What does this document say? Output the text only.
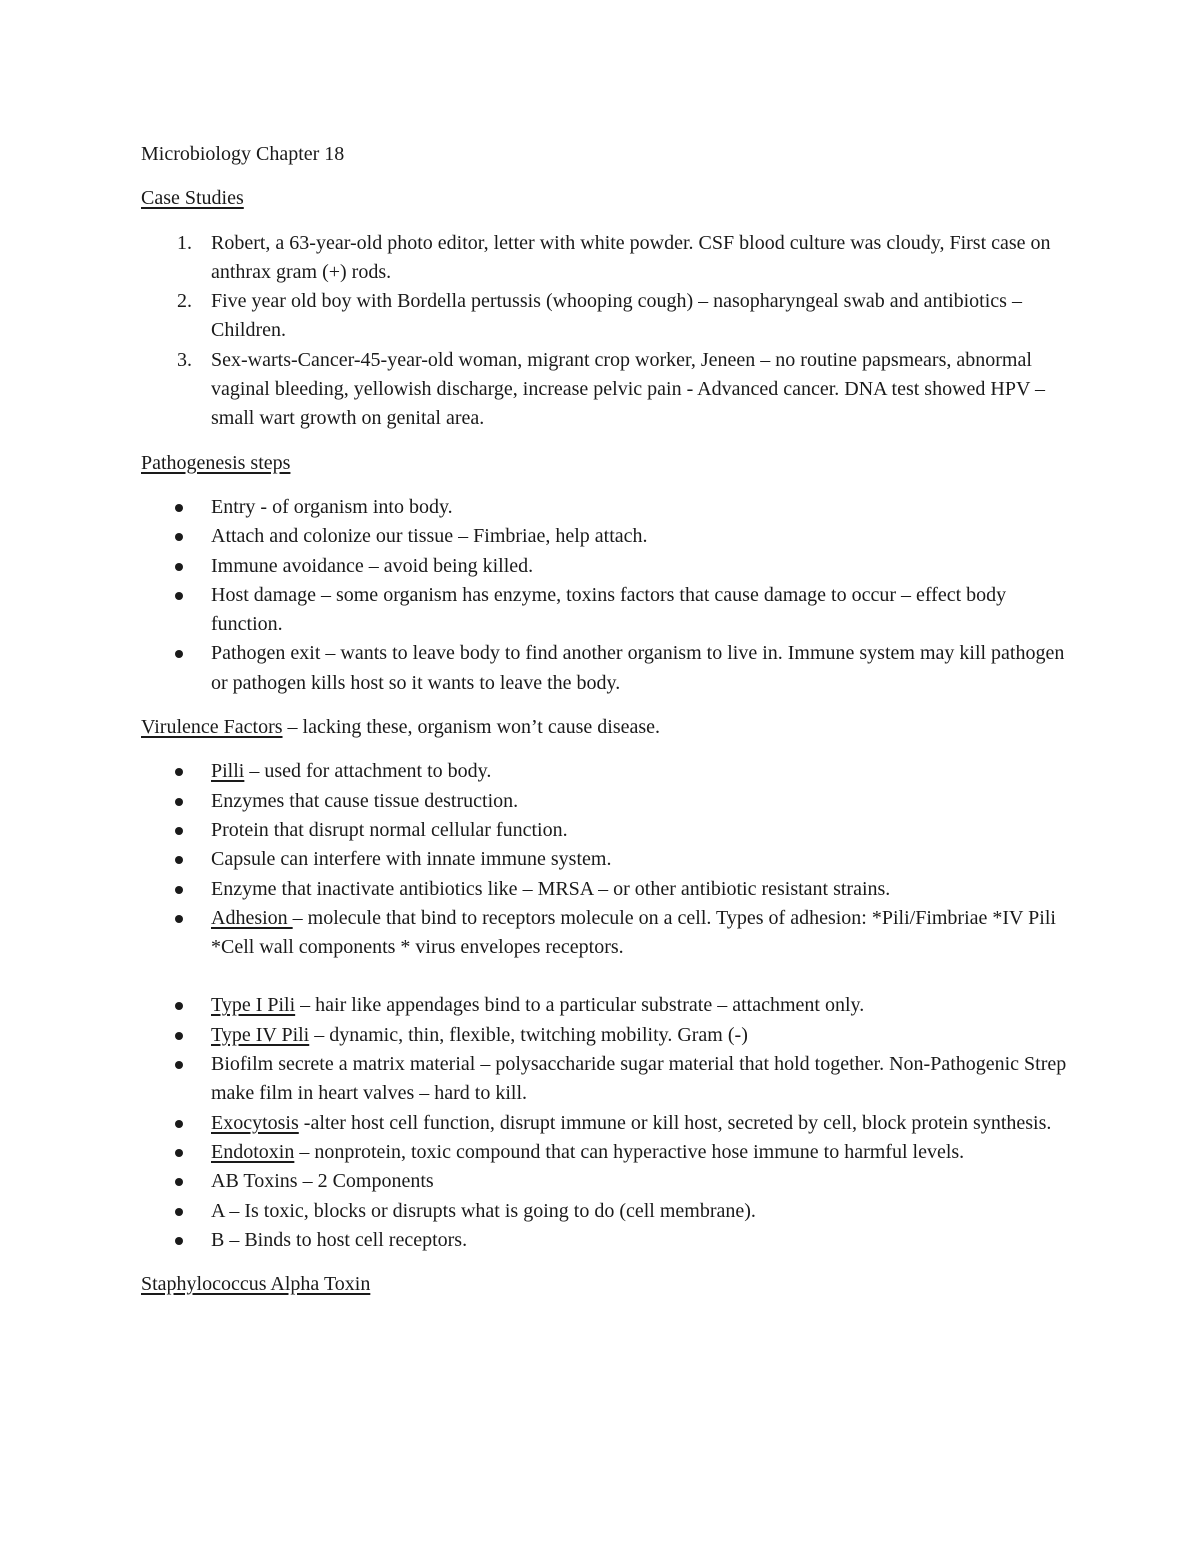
Microbiology Chapter 18

Case Studies

1. Robert, a 63-year-old photo editor, letter with white powder. CSF blood culture was cloudy, First case on anthrax gram (+) rods.
2. Five year old boy with Bordella pertussis (whooping cough) – nasopharyngeal swab and antibiotics – Children.
3. Sex-warts-Cancer-45-year-old woman, migrant crop worker, Jeneen – no routine papsmears, abnormal vaginal bleeding, yellowish discharge, increase pelvic pain - Advanced cancer. DNA test showed HPV – small wart growth on genital area.

Pathogenesis steps

Entry - of organism into body.
Attach and colonize our tissue – Fimbriae, help attach.
Immune avoidance – avoid being killed.
Host damage – some organism has enzyme, toxins factors that cause damage to occur – effect body function.
Pathogen exit – wants to leave body to find another organism to live in. Immune system may kill pathogen or pathogen kills host so it wants to leave the body.

Virulence Factors – lacking these, organism won’t cause disease.

Pilli – used for attachment to body.
Enzymes that cause tissue destruction.
Protein that disrupt normal cellular function.
Capsule can interfere with innate immune system.
Enzyme that inactivate antibiotics like – MRSA – or other antibiotic resistant strains.
Adhesion – molecule that bind to receptors molecule on a cell. Types of adhesion: *Pili/Fimbriae *IV Pili *Cell wall components * virus envelopes receptors.
Type I Pili – hair like appendages bind to a particular substrate – attachment only.
Type IV Pili – dynamic, thin, flexible, twitching mobility. Gram (-)
Biofilm secrete a matrix material – polysaccharide sugar material that hold together. Non-Pathogenic Strep make film in heart valves – hard to kill.
Exocytosis -alter host cell function, disrupt immune or kill host, secreted by cell, block protein synthesis.
Endotoxin – nonprotein, toxic compound that can hyperactive hose immune to harmful levels.
AB Toxins – 2 Components
A – Is toxic, blocks or disrupts what is going to do (cell membrane).
B – Binds to host cell receptors.

Staphylococcus Alpha Toxin
